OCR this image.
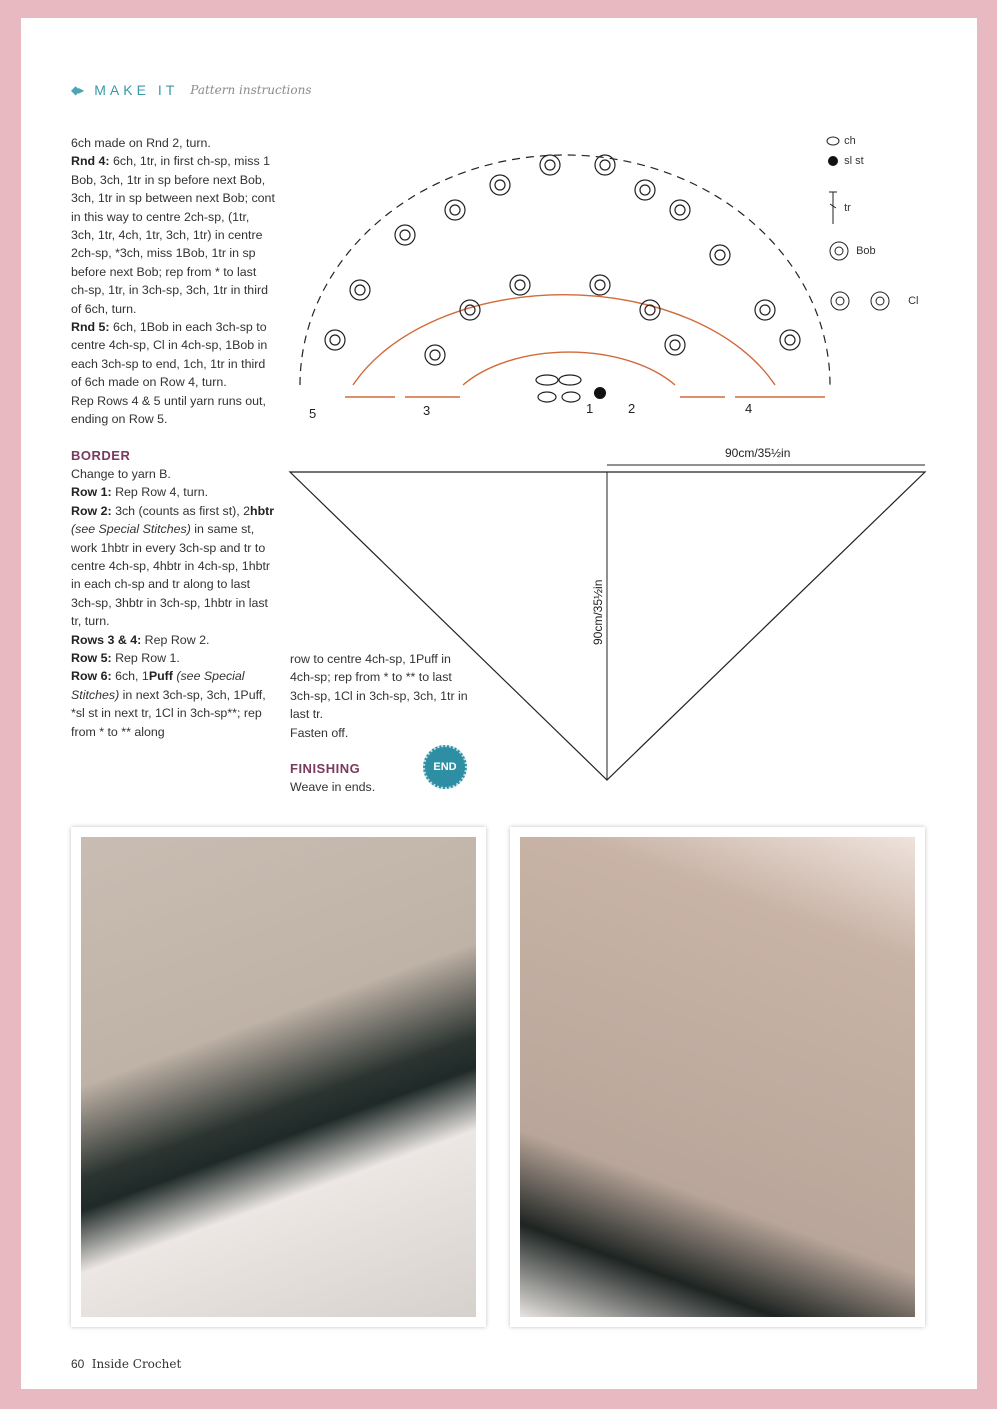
◆▸ MAKE IT Pattern instructions

6ch made on Rnd 2, turn.

Rnd 4: 6ch, 1tr, in first ch-sp, miss 1 Bob, 3ch, 1tr in sp before next Bob, 3ch, 1tr in sp between next Bob; cont in this way to centre 2ch-sp, (1tr, 3ch, 1tr, 4ch, 1tr, 3ch, 1tr) in centre 2ch-sp, *3ch, miss 1Bob, 1tr in sp before next Bob; rep from * to last ch-sp, 1tr, in 3ch-sp, 3ch, 1tr in third of 6ch, turn.

Rnd 5: 6ch, 1Bob in each 3ch-sp to centre 4ch-sp, Cl in 4ch-sp, 1Bob in each 3ch-sp to end, 1ch, 1tr in third of 6ch made on Row 4, turn.

Rep Rows 4 & 5 until yarn runs out, ending on Row 5.

BORDER

Change to yarn B.

Row 1: Rep Row 4, turn.

Row 2: 3ch (counts as first st), 2hbtr (see Special Stitches) in same st, work 1hbtr in every 3ch-sp and tr to centre 4ch-sp, 4hbtr in 4ch-sp, 1hbtr in each ch-sp and tr along to last 3ch-sp, 3hbtr in 3ch-sp, 1hbtr in last tr, turn.

Rows 3 & 4: Rep Row 2.

Row 5: Rep Row 1.

Row 6: 6ch, 1Puff (see Special Stitches) in next 3ch-sp, 3ch, 1Puff, *sl st in next tr, 1Cl in 3ch-sp**; rep from * to ** along

row to centre 4ch-sp, 1Puff in 4ch-sp; rep from * to ** to last 3ch-sp, 1Cl in 3ch-sp, 3ch, 1tr in last tr.

Fasten off.

FINISHING

Weave in ends.

END
5	3	1	2	4
ch
sl st
tr
Bob
Cl
90cm/35½in
90cm/35½in
60 Inside Crochet
